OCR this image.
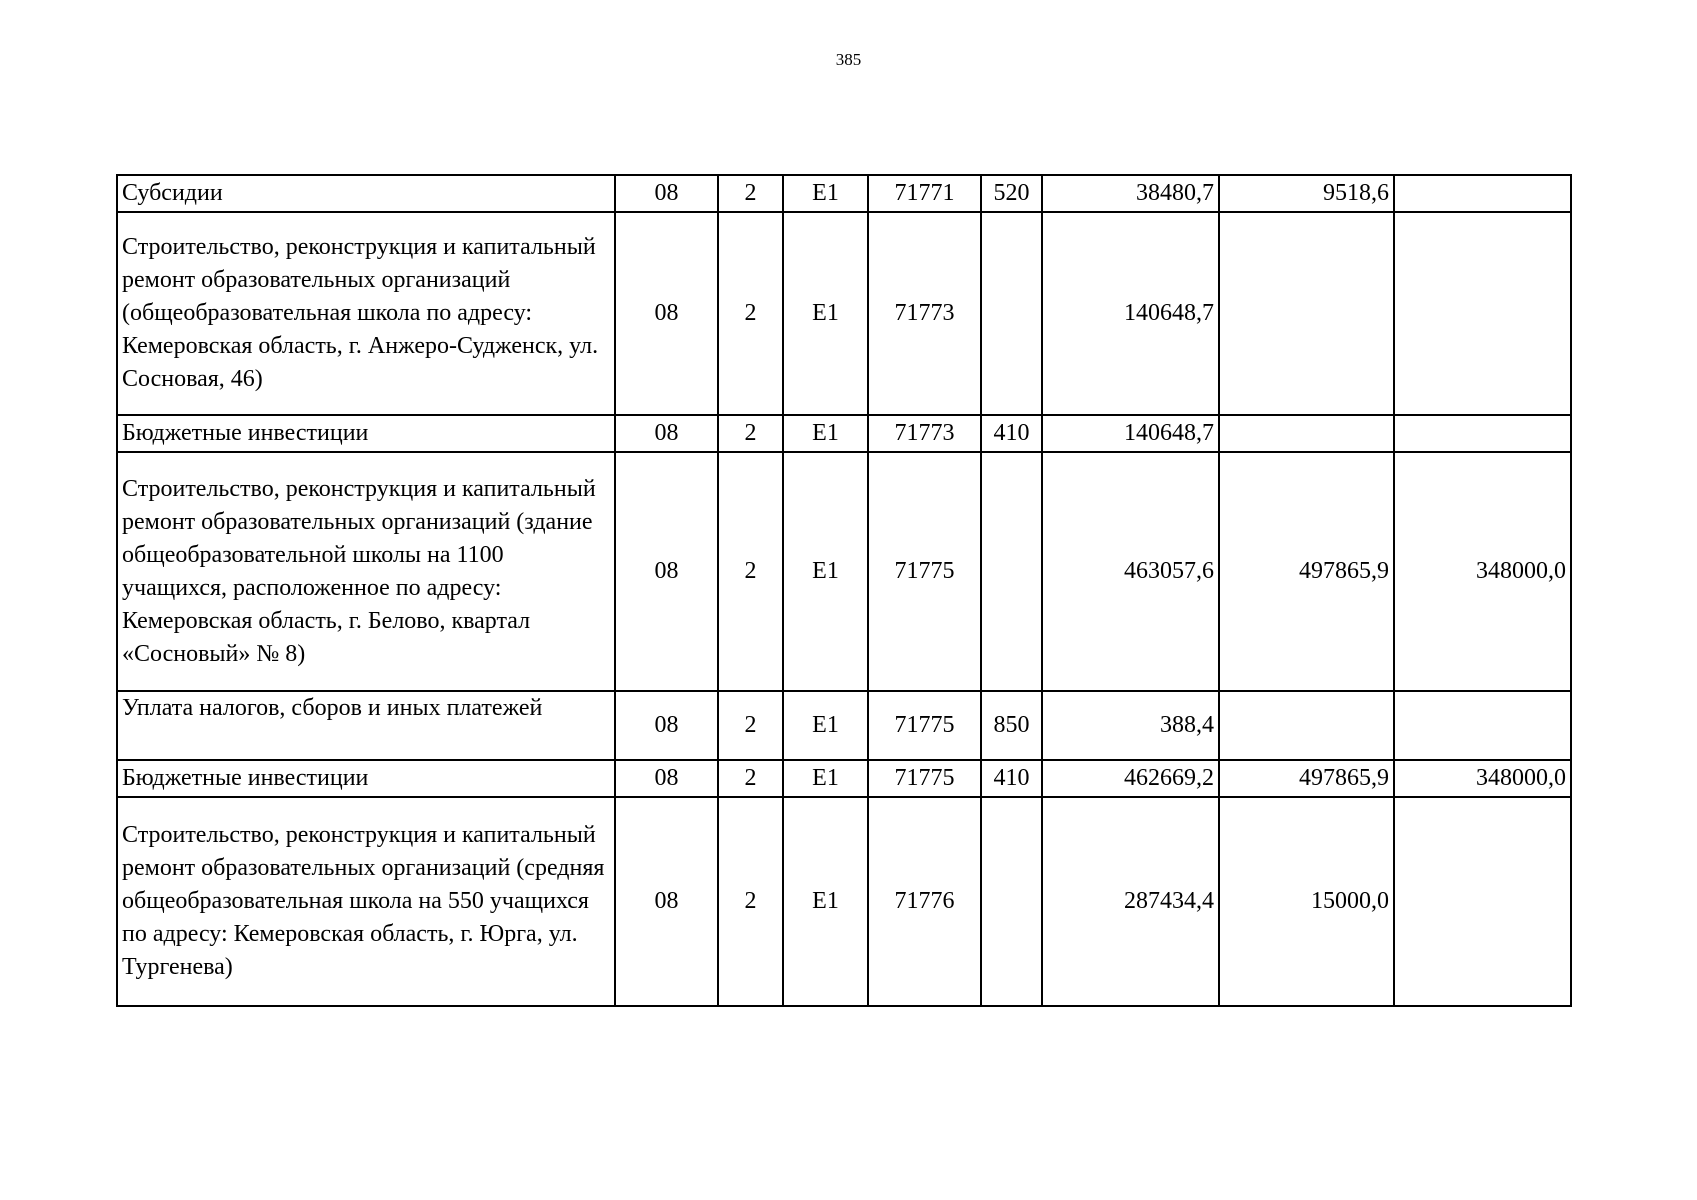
385
Субсидии	08	2	E1	71771	520	38480,7	9518,6	
Строительство, реконструкция и капитальный ремонт образовательных организаций (общеобразовательная школа по адресу: Кемеровская область, г. Анжеро-Судженск, ул. Сосновая, 46)	08	2	E1	71773		140648,7		
Бюджетные инвестиции	08	2	E1	71773	410	140648,7		
Строительство, реконструкция и капитальный ремонт образовательных организаций (здание общеобразовательной школы на 1100 учащихся, расположенное по адресу: Кемеровская область, г. Белово, квартал «Сосновый» № 8)	08	2	E1	71775		463057,6	497865,9	348000,0
Уплата налогов, сборов и иных платежей	08	2	E1	71775	850	388,4		
Бюджетные инвестиции	08	2	E1	71775	410	462669,2	497865,9	348000,0
Строительство, реконструкция и капитальный ремонт образовательных организаций (средняя общеобразовательная школа на 550 учащихся по адресу: Кемеровская область, г. Юрга, ул. Тургенева)	08	2	E1	71776		287434,4	15000,0	
